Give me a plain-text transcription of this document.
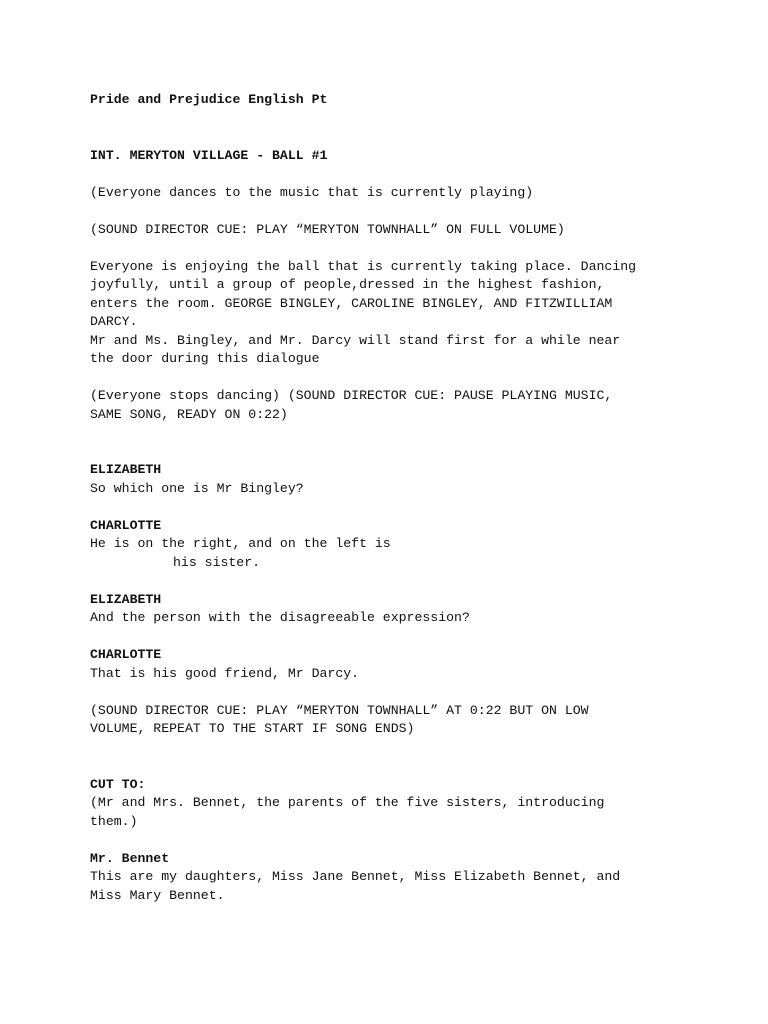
Pride and Prejudice English Pt
INT. MERYTON VILLAGE - BALL #1
(Everyone dances to the music that is currently playing)
(SOUND DIRECTOR CUE: PLAY “MERYTON TOWNHALL” ON FULL VOLUME)
Everyone is enjoying the ball that is currently taking place. Dancing
joyfully, until a group of people,dressed in the highest fashion,
enters the room. GEORGE BINGLEY, CAROLINE BINGLEY, AND FITZWILLIAM
DARCY.
Mr and Ms. Bingley, and Mr. Darcy will stand first for a while near
the door during this dialogue
(Everyone stops dancing) (SOUND DIRECTOR CUE: PAUSE PLAYING MUSIC,
SAME SONG, READY ON 0:22)
ELIZABETH
So which one is Mr Bingley?
CHARLOTTE
He is on the right, and on the left is
his sister.
ELIZABETH
And the person with the disagreeable expression?
CHARLOTTE
That is his good friend, Mr Darcy.
(SOUND DIRECTOR CUE: PLAY “MERYTON TOWNHALL” AT 0:22 BUT ON LOW
VOLUME, REPEAT TO THE START IF SONG ENDS)
CUT TO:
(Mr and Mrs. Bennet, the parents of the five sisters, introducing
them.)
Mr. Bennet
This are my daughters, Miss Jane Bennet, Miss Elizabeth Bennet, and
Miss Mary Bennet.
